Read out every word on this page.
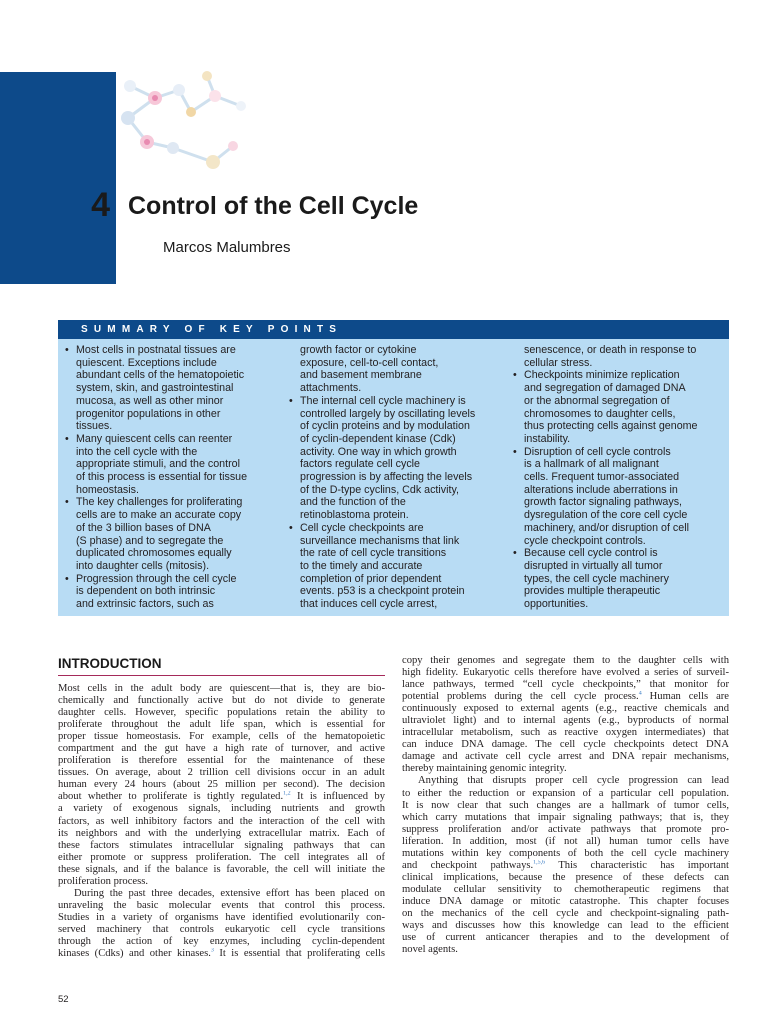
4 Control of the Cell Cycle
Marcos Malumbres
SUMMARY OF KEY POINTS
• Most cells in postnatal tissues are
quiescent. Exceptions include
abundant cells of the hematopoietic
system, skin, and gastrointestinal
mucosa, as well as other minor
progenitor populations in other
tissues.
• Many quiescent cells can reenter
into the cell cycle with the
appropriate stimuli, and the control
of this process is essential for tissue
homeostasis.
• The key challenges for proliferating
cells are to make an accurate copy
of the 3 billion bases of DNA
(S phase) and to segregate the
duplicated chromosomes equally
into daughter cells (mitosis).
• Progression through the cell cycle
is dependent on both intrinsic
and extrinsic factors, such as
growth factor or cytokine
exposure, cell-to-cell contact,
and basement membrane
attachments.
• The internal cell cycle machinery is
controlled largely by oscillating levels
of cyclin proteins and by modulation
of cyclin-dependent kinase (Cdk)
activity. One way in which growth
factors regulate cell cycle
progression is by affecting the levels
of the D-type cyclins, Cdk activity,
and the function of the
retinoblastoma protein.
• Cell cycle checkpoints are
surveillance mechanisms that link
the rate of cell cycle transitions
to the timely and accurate
completion of prior dependent
events. p53 is a checkpoint protein
that induces cell cycle arrest,
senescence, or death in response to
cellular stress.
• Checkpoints minimize replication
and segregation of damaged DNA
or the abnormal segregation of
chromosomes to daughter cells,
thus protecting cells against genome
instability.
• Disruption of cell cycle controls
is a hallmark of all malignant
cells. Frequent tumor-associated
alterations include aberrations in
growth factor signaling pathways,
dysregulation of the core cell cycle
machinery, and/or disruption of cell
cycle checkpoint controls.
• Because cell cycle control is
disrupted in virtually all tumor
types, the cell cycle machinery
provides multiple therapeutic
opportunities.
INTRODUCTION
Most cells in the adult body are quiescent—that is, they are bio-
chemically and functionally active but do not divide to generate
daughter cells. However, specific populations retain the ability to
proliferate throughout the adult life span, which is essential for
proper tissue homeostasis. For example, cells of the hematopoietic
compartment and the gut have a high rate of turnover, and active
proliferation is therefore essential for the maintenance of these
tissues. On average, about 2 trillion cell divisions occur in an adult
human every 24 hours (about 25 million per second). The decision
about whether to proliferate is tightly regulated.$^{1,2}$ It is influenced by
a variety of exogenous signals, including nutrients and growth
factors, as well inhibitory factors and the interaction of the cell with
its neighbors and with the underlying extracellular matrix. Each of
these factors stimulates intracellular signaling pathways that can
either promote or suppress proliferation. The cell integrates all of
these signals, and if the balance is favorable, the cell will initiate the
proliferation process.
During the past three decades, extensive effort has been placed on
unraveling the basic molecular events that control this process.
Studies in a variety of organisms have identified evolutionarily con-
served machinery that controls eukaryotic cell cycle transitions
through the action of key enzymes, including cyclin-dependent
kinases (Cdks) and other kinases.$^3$ It is essential that proliferating cells
copy their genomes and segregate them to the daughter cells with
high fidelity. Eukaryotic cells therefore have evolved a series of surveil-
lance pathways, termed “cell cycle checkpoints,” that monitor for
potential problems during the cell cycle process.$^4$ Human cells are
continuously exposed to external agents (e.g., reactive chemicals and
ultraviolet light) and to internal agents (e.g., byproducts of normal
intracellular metabolism, such as reactive oxygen intermediates) that
can induce DNA damage. The cell cycle checkpoints detect DNA
damage and activate cell cycle arrest and DNA repair mechanisms,
thereby maintaining genomic integrity.
Anything that disrupts proper cell cycle progression can lead
to either the reduction or expansion of a particular cell population.
It is now clear that such changes are a hallmark of tumor cells,
which carry mutations that impair signaling pathways; that is, they
suppress proliferation and/or activate pathways that promote pro-
liferation. In addition, most (if not all) human tumor cells have
mutations within key components of both the cell cycle machinery
and checkpoint pathways.$^{1,5,6}$ This characteristic has important
clinical implications, because the presence of these defects can
modulate cellular sensitivity to chemotherapeutic regimens that
induce DNA damage or mitotic catastrophe. This chapter focuses
on the mechanics of the cell cycle and checkpoint-signaling path-
ways and discusses how this knowledge can lead to the efficient
use of current anticancer therapies and to the development of
novel agents.
52
